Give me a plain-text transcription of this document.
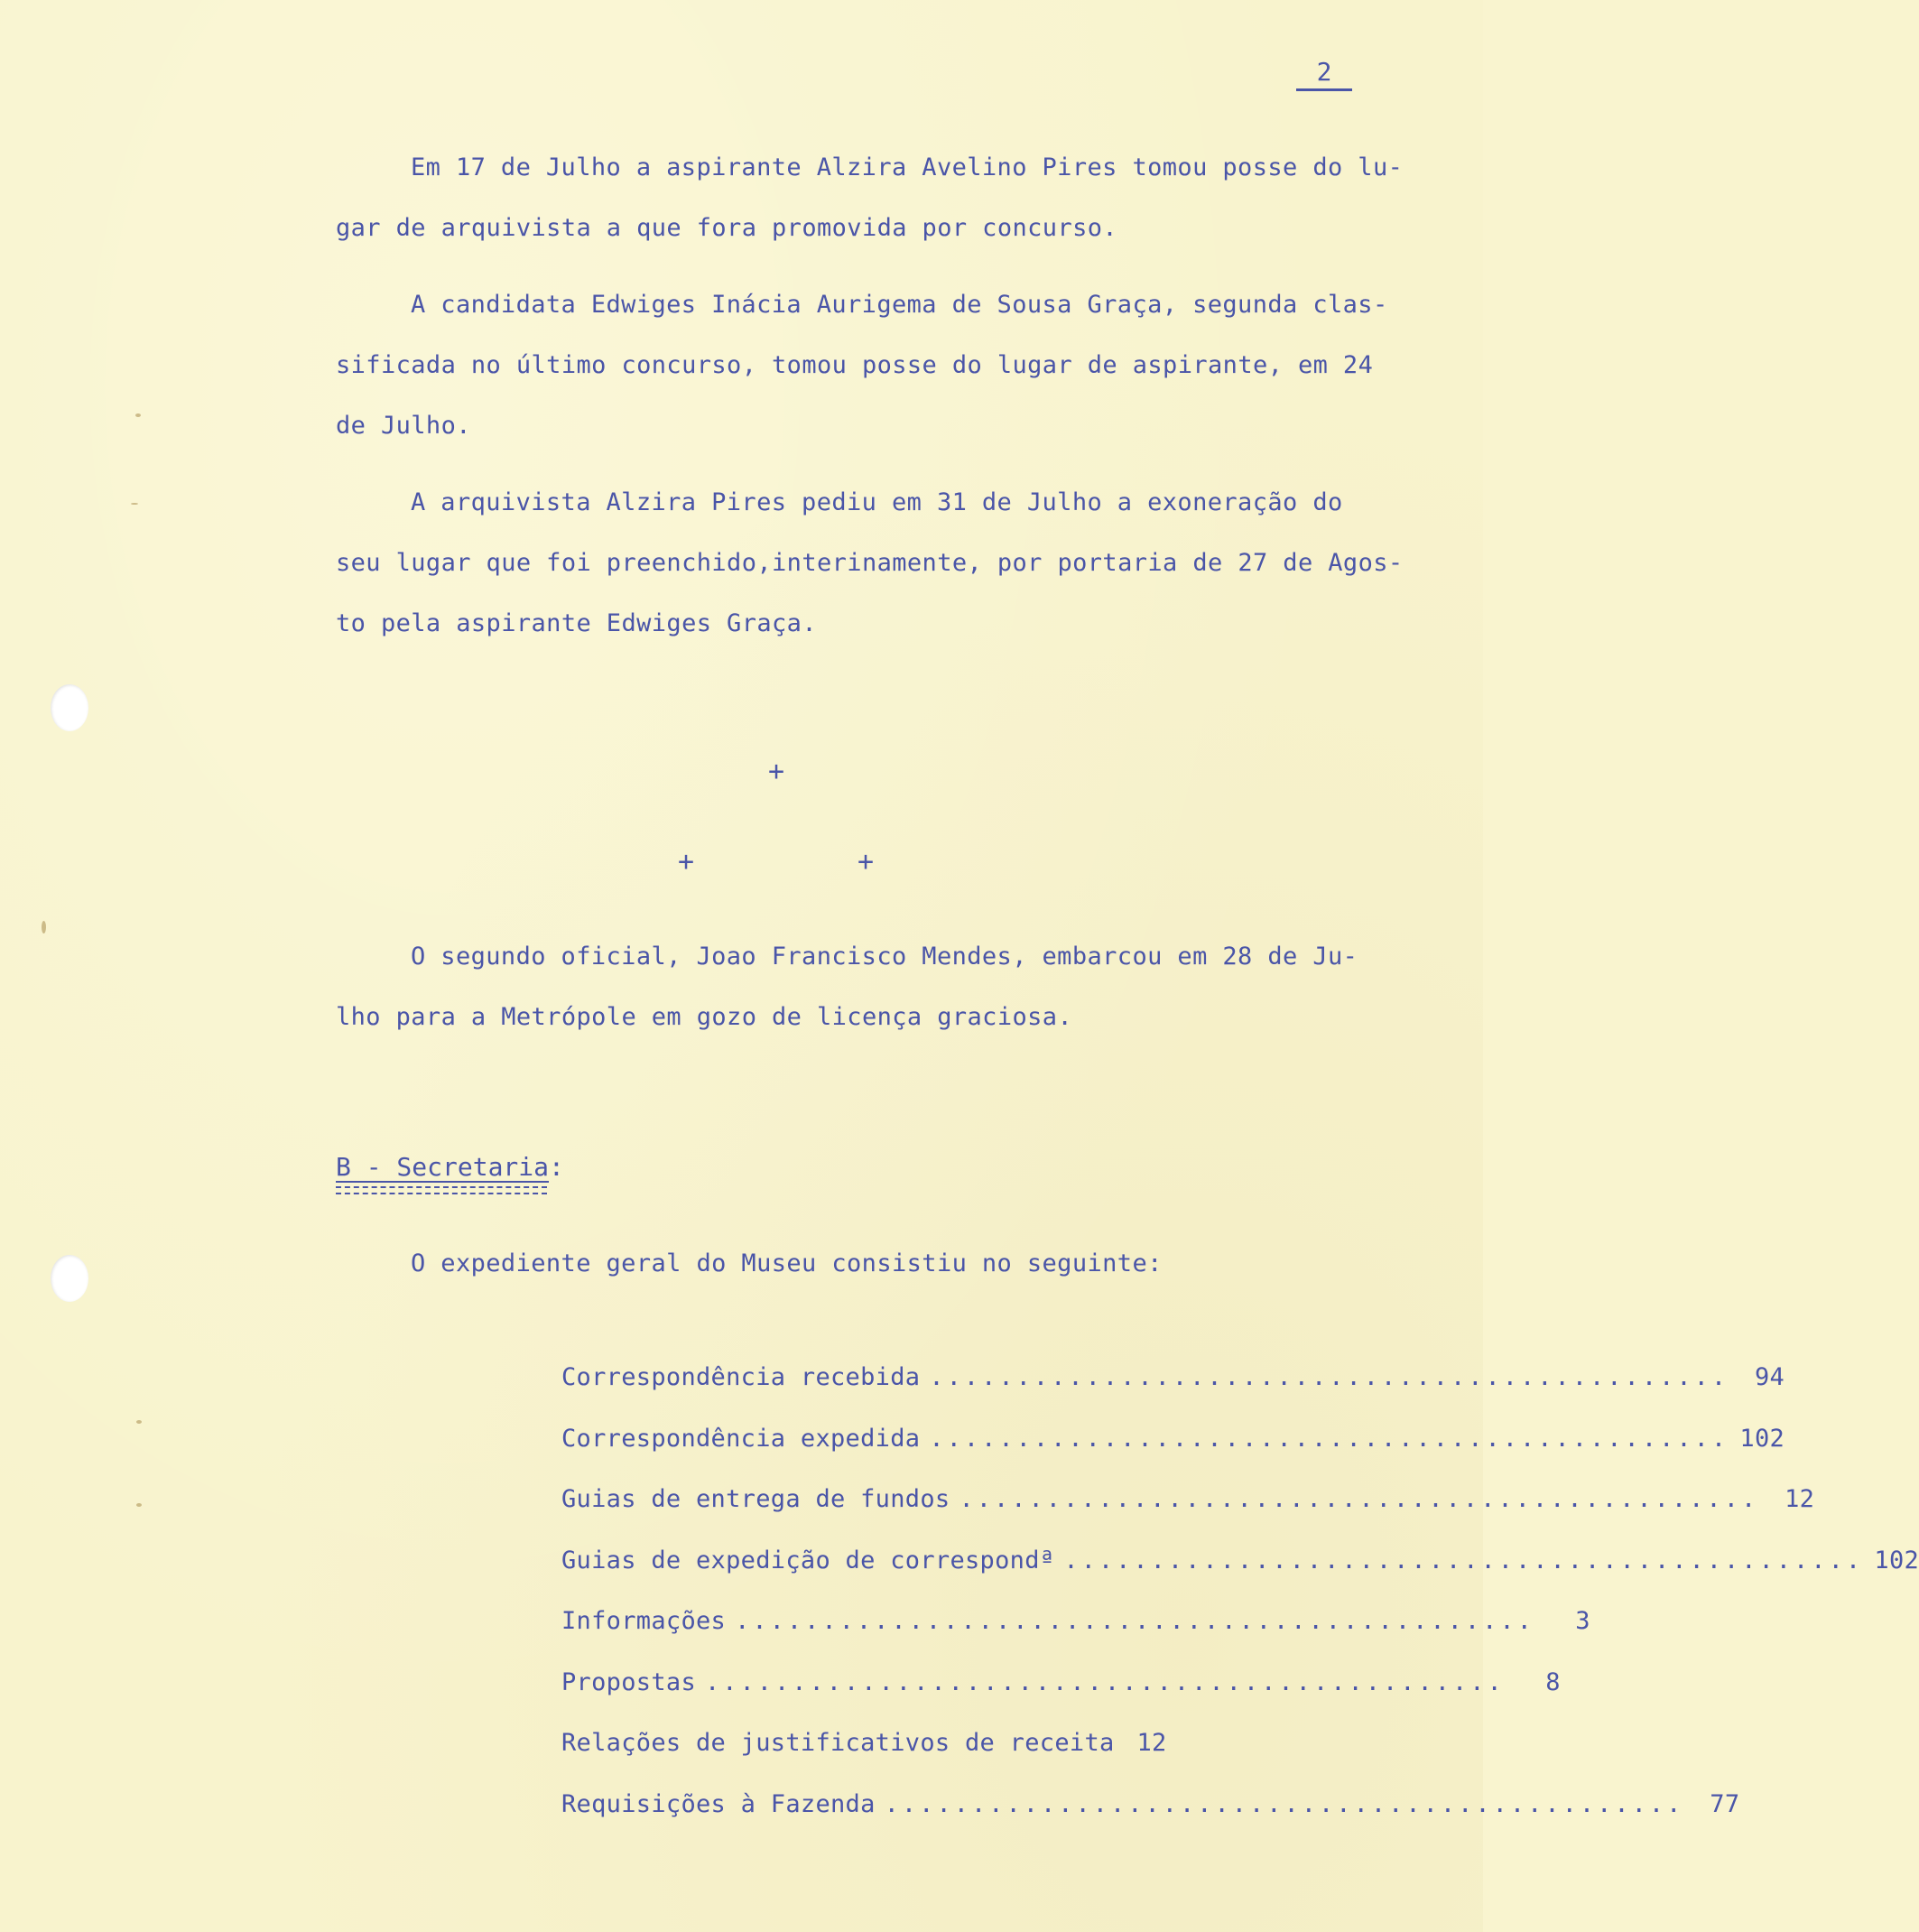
2

Em 17 de Julho a aspirante Alzira Avelino Pires tomou posse do lu-

gar de arquivista a que fora promovida por concurso.

A candidata Edwiges Inácia Aurigema de Sousa Graça, segunda clas-

sificada no último concurso, tomou posse do lugar de aspirante, em 24

de Julho.

A arquivista Alzira Pires pediu em 31 de Julho a exoneração do

seu lugar que foi preenchido,interinamente, por portaria de 27 de Agos-

to pela aspirante Edwiges Graça.

+

+	+

O segundo oficial, Joao Francisco Mendes, embarcou em 28 de Ju-

lho para a Metrópole em gozo de licença graciosa.

B - Secretaria:

O expediente geral do Museu consistiu no seguinte:

Correspondência recebida ..............................................	94
Correspondência expedida .............................................. 102
Guias de entrega de fundos ..............................................	12
Guias de expedição de correspondª .............................................. 102
Informações ..............................................	3
Propostas ..............................................	8
Relações de justificativos de receita 12
Requisições à Fazenda ..............................................	77
